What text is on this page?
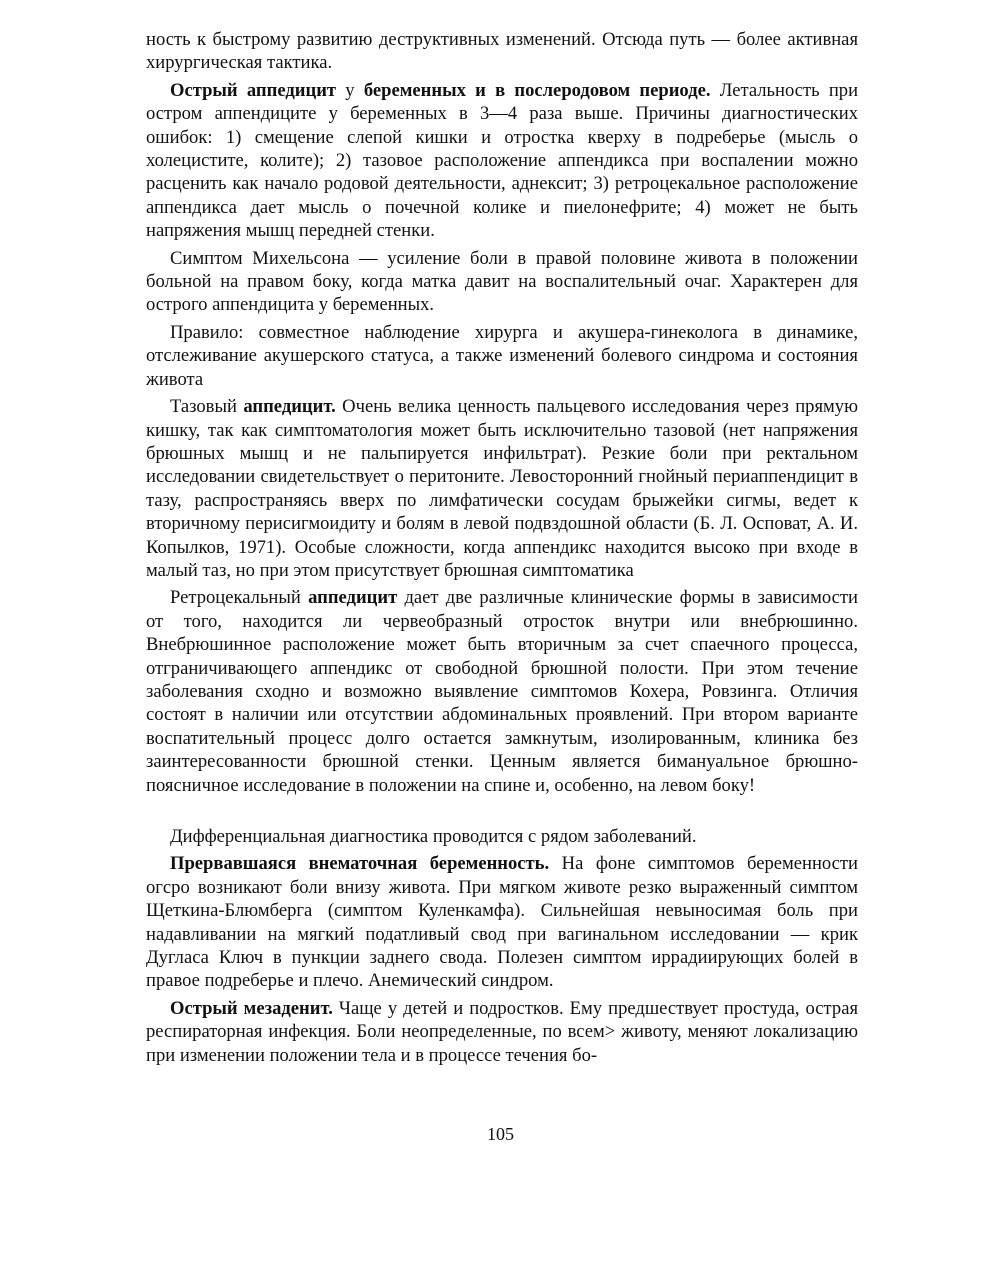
ность к быстрому развитию деструктивных изменений. Отсюда путь — более активная хирургическая тактика.

Острый аппедицит у беременных и в послеродовом периоде. Летальность при остром аппендиците у беременных в 3—4 раза выше. Причины диагностических ошибок: 1) смещение слепой кишки и отростка кверху в подреберье (мысль о холецистите, колите); 2) тазовое расположение аппендикса при воспалении можно расценить как начало родовой деятельности, аднексит; 3) ретроцекальное расположение аппендикса дает мысль о почечной колике и пиелонефрите; 4) может не быть напряжения мышц передней стенки.

Симптом Михельсона — усиление боли в правой половине живота в положении больной на правом боку, когда матка давит на воспалительный очаг. Характерен для острого аппендицита у беременных.

Правило: совместное наблюдение хирурга и акушера-гинеколога в динамике, отслеживание акушерского статуса, а также изменений болевого синдрома и состояния живота

Тазовый аппедицит. Очень велика ценность пальцевого исследования через прямую кишку, так как симптоматология может быть исключительно тазовой (нет напряжения брюшных мышц и не пальпируется инфильтрат). Резкие боли при ректальном исследовании свидетельствует о перитоните. Левосторонний гнойный периаппендицит в тазу, распространяясь вверх по лимфатически сосудам брыжейки сигмы, ведет к вторичному перисигмоидиту и болям в левой подвздошной области (Б. Л. Осповат, А. И. Копылков, 1971). Особые сложности, когда аппендикс находится высоко при входе в малый таз, но при этом присутствует брюшная симптоматика

Ретроцекальный аппедицит дает две различные клинические формы в зависимости от того, находится ли червеобразный отросток внутри или внебрюшинно. Внебрюшинное расположение может быть вторичным за счет спаечного процесса, отграничивающего аппендикс от свободной брюшной полости. При этом течение заболевания сходно и возможно выявление симптомов Кохера, Ровзинга. Отличия состоят в наличии или отсутствии абдоминальных проявлений. При втором варианте воспатительный процесс долго остается замкнутым, изолированным, клиника без заинтересованности брюшной стенки. Ценным является бимануальное брюшно-поясничное исследование в положении на спине и, особенно, на левом боку!

Дифференциальная диагностика проводится с рядом заболеваний.

Прервавшаяся внематочная беременность. На фоне симптомов беременности огсро возникают боли внизу живота. При мягком животе резко выраженный симптом Щеткина-Блюмберга (симптом Куленкамфа). Сильнейшая невыносимая боль при надавливании на мягкий податливый свод при вагинальном исследовании — крик Дугласа Ключ в пункции заднего свода. Полезен симптом иррадиирующих болей в правое подреберье и плечо. Анемический синдром.

Острый мезаденит. Чаще у детей и подростков. Ему предшествует простуда, острая респираторная инфекция. Боли неопределенные, по всем> животу, меняют локализацию при изменении положении тела и в процессе течения бо-

105
